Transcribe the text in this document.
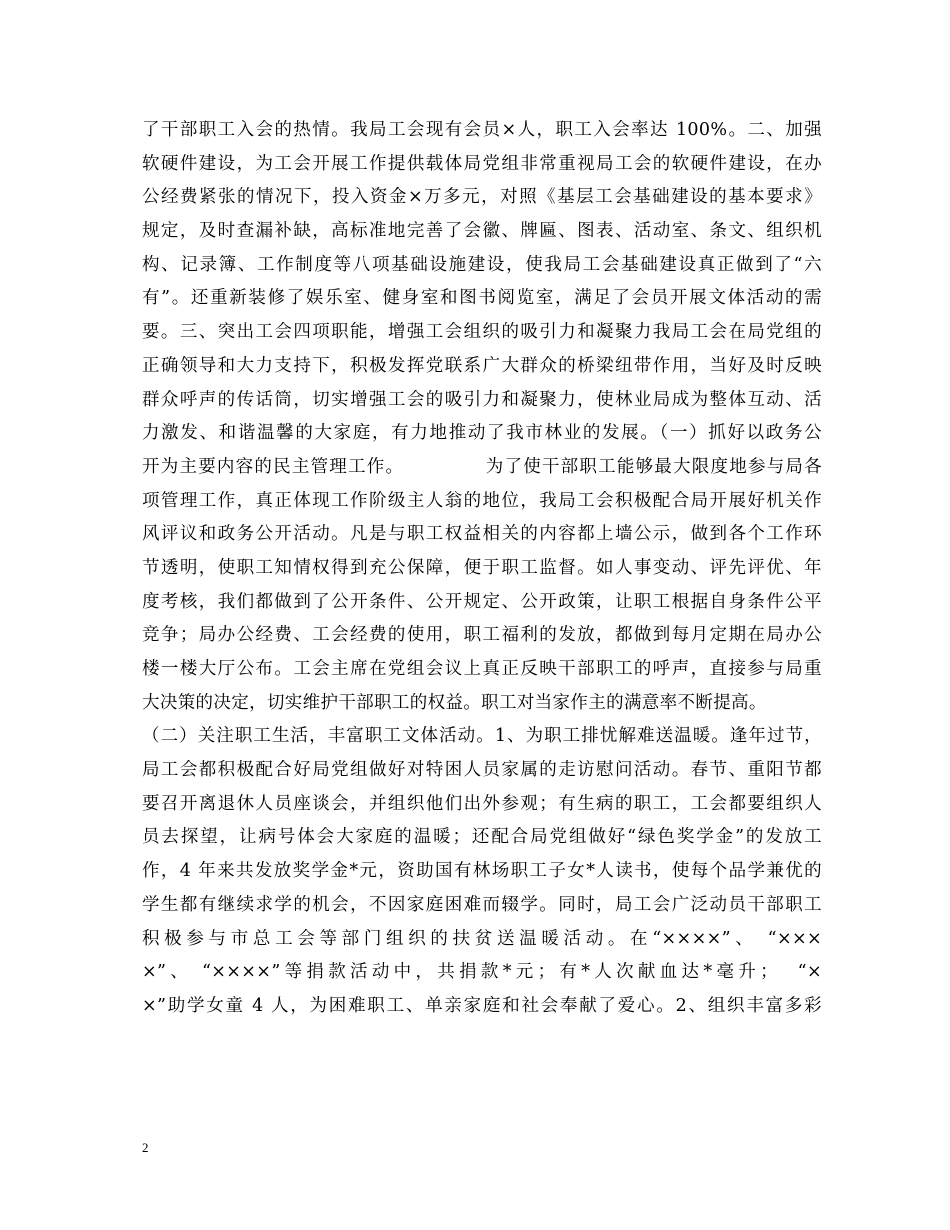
了干部职工入会的热情。我局工会现有会员×人，职工入会率达 100%。二、加强
软硬件建设，为工会开展工作提供载体局党组非常重视局工会的软硬件建设，在办
公经费紧张的情况下，投入资金×万多元，对照《基层工会基础建设的基本要求》
规定，及时查漏补缺，高标准地完善了会徽、牌匾、图表、活动室、条文、组织机
构、记录簿、工作制度等八项基础设施建设，使我局工会基础建设真正做到了“六
有”。还重新装修了娱乐室、健身室和图书阅览室，满足了会员开展文体活动的需
要。三、突出工会四项职能，增强工会组织的吸引力和凝聚力我局工会在局党组的
正确领导和大力支持下，积极发挥党联系广大群众的桥梁纽带作用，当好及时反映
群众呼声的传话筒，切实增强工会的吸引力和凝聚力，使林业局成为整体互动、活
力激发、和谐温馨的大家庭，有力地推动了我市林业的发展。（一）抓好以政务公
开为主要内容的民主管理工作。            为了使干部职工能够最大限度地参与局各
项管理工作，真正体现工作阶级主人翁的地位，我局工会积极配合局开展好机关作
风评议和政务公开活动。凡是与职工权益相关的内容都上墙公示，做到各个工作环
节透明，使职工知情权得到充公保障，便于职工监督。如人事变动、评先评优、年
度考核，我们都做到了公开条件、公开规定、公开政策，让职工根据自身条件公平
竞争；局办公经费、工会经费的使用，职工福利的发放，都做到每月定期在局办公
楼一楼大厅公布。工会主席在党组会议上真正反映干部职工的呼声，直接参与局重
大决策的决定，切实维护干部职工的权益。职工对当家作主的满意率不断提高。
（二）关注职工生活，丰富职工文体活动。1、为职工排忧解难送温暖。逢年过节，
局工会都积极配合好局党组做好对特困人员家属的走访慰问活动。春节、重阳节都
要召开离退休人员座谈会，并组织他们出外参观；有生病的职工，工会都要组织人
员去探望，让病号体会大家庭的温暖；还配合局党组做好“绿色奖学金”的发放工
作，4 年来共发放奖学金*元，资助国有林场职工子女*人读书，使每个品学兼优的
学生都有继续求学的机会，不因家庭困难而辍学。同时，局工会广泛动员干部职工
积极参与市总工会等部门组织的扶贫送温暖活动。在“××××”、 “×××
×”、 “××××”等捐款活动中，共捐款*元；有*人次献血达*毫升；  “×
×”助学女童 4 人，为困难职工、单亲家庭和社会奉献了爱心。2、组织丰富多彩
2
